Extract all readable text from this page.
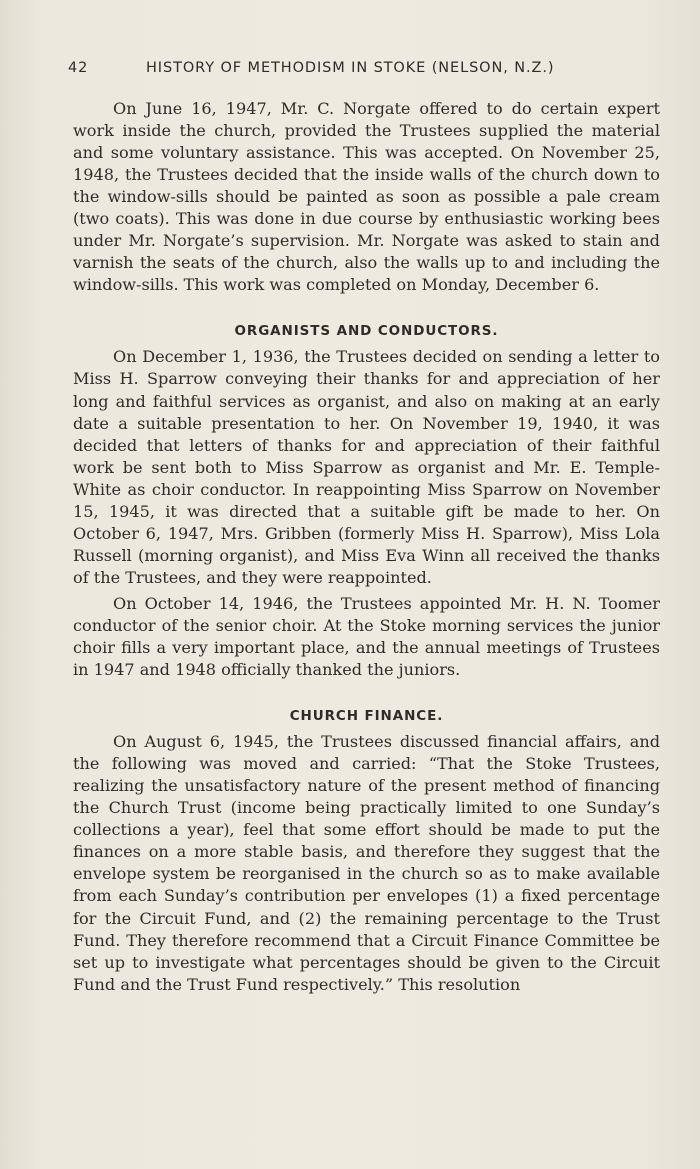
42	HISTORY OF METHODISM IN STOKE (NELSON, N.Z.)

On June 16, 1947, Mr. C. Norgate offered to do certain expert work inside the church, provided the Trustees supplied the material and some voluntary assistance. This was accepted. On November 25, 1948, the Trustees decided that the inside walls of the church down to the window-sills should be painted as soon as possible a pale cream (two coats). This was done in due course by enthusiastic working bees under Mr. Norgate’s supervision. Mr. Norgate was asked to stain and varnish the seats of the church, also the walls up to and including the window-sills. This work was completed on Monday, December 6.

ORGANISTS AND CONDUCTORS.

On December 1, 1936, the Trustees decided on sending a letter to Miss H. Sparrow conveying their thanks for and appreciation of her long and faithful services as organist, and also on making at an early date a suitable presentation to her. On November 19, 1940, it was decided that letters of thanks for and appreciation of their faithful work be sent both to Miss Sparrow as organist and Mr. E. Temple-White as choir conductor. In reappointing Miss Sparrow on November 15, 1945, it was directed that a suitable gift be made to her. On October 6, 1947, Mrs. Gribben (formerly Miss H. Sparrow), Miss Lola Russell (morning organist), and Miss Eva Winn all received the thanks of the Trustees, and they were reappointed.

On October 14, 1946, the Trustees appointed Mr. H. N. Toomer conductor of the senior choir. At the Stoke morning services the junior choir fills a very important place, and the annual meetings of Trustees in 1947 and 1948 officially thanked the juniors.

CHURCH FINANCE.

On August 6, 1945, the Trustees discussed financial affairs, and the following was moved and carried: “That the Stoke Trustees, realizing the unsatisfactory nature of the present method of financing the Church Trust (income being practically limited to one Sunday’s collections a year), feel that some effort should be made to put the finances on a more stable basis, and therefore they suggest that the envelope system be reorganised in the church so as to make available from each Sunday’s contribution per envelopes (1) a fixed percentage for the Circuit Fund, and (2) the remaining percentage to the Trust Fund. They therefore recommend that a Circuit Finance Committee be set up to investigate what percentages should be given to the Circuit Fund and the Trust Fund respectively.” This resolution
